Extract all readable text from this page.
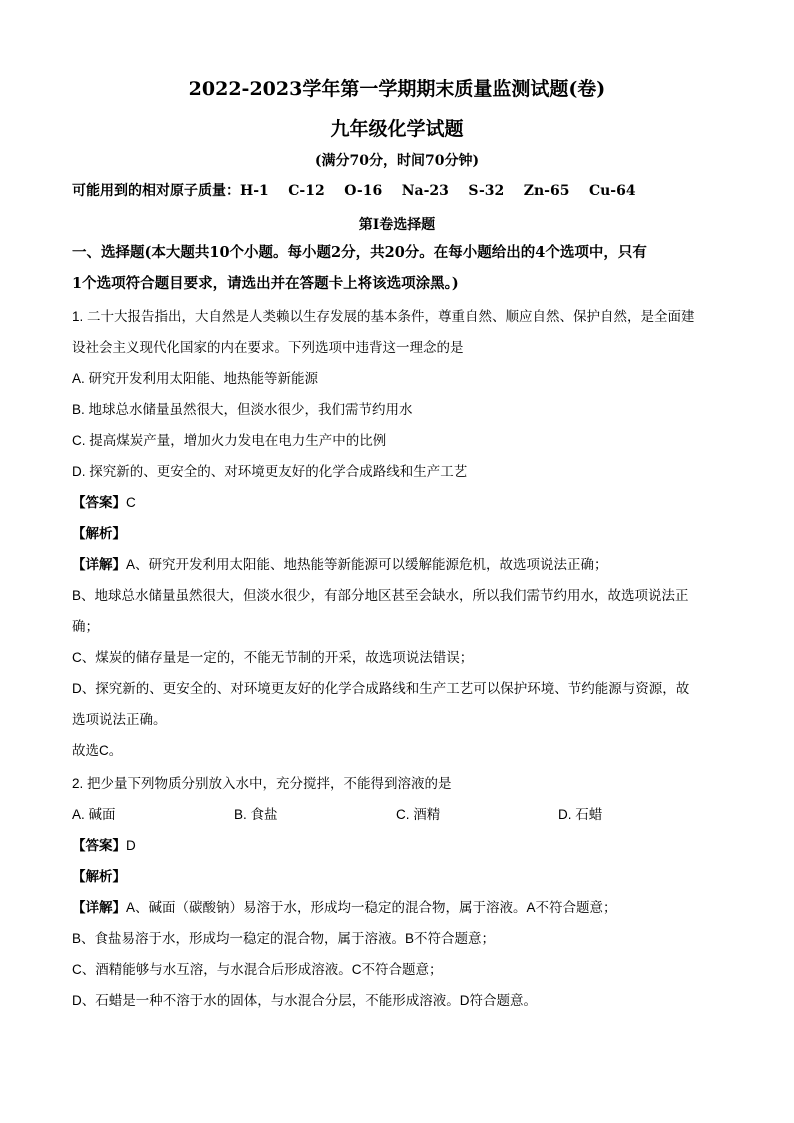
2022-2023学年第一学期期末质量监测试题(卷)
九年级化学试题
(满分70分，时间70分钟)
可能用到的相对原子质量：H-1    C-12    O-16    Na-23    S-32    Zn-65    Cu-64
第Ⅰ卷选择题
一、选择题(本大题共10个小题。每小题2分，共20分。在每小题给出的4个选项中，只有
1个选项符合题目要求，请选出并在答题卡上将该选项涂黑。)
1. 二十大报告指出，大自然是人类赖以生存发展的基本条件，尊重自然、顺应自然、保护自然，是全面建
设社会主义现代化国家的内在要求。下列选项中违背这一理念的是
A. 研究开发利用太阳能、地热能等新能源
B. 地球总水储量虽然很大，但淡水很少，我们需节约用水
C. 提高煤炭产量，增加火力发电在电力生产中的比例
D. 探究新的、更安全的、对环境更友好的化学合成路线和生产工艺
【答案】C
【解析】
【详解】A、研究开发利用太阳能、地热能等新能源可以缓解能源危机，故选项说法正确；
B、地球总水储量虽然很大，但淡水很少，有部分地区甚至会缺水，所以我们需节约用水，故选项说法正
确；
C、煤炭的储存量是一定的，不能无节制的开采，故选项说法错误；
D、探究新的、更安全的、对环境更友好的化学合成路线和生产工艺可以保护环境、节约能源与资源，故
选项说法正确。
故选C。
2. 把少量下列物质分别放入水中，充分搅拌，不能得到溶液的是
A. 碱面	B. 食盐	C. 酒精	D. 石蜡
【答案】D
【解析】
【详解】A、碱面（碳酸钠）易溶于水，形成均一稳定的混合物，属于溶液。A不符合题意；
B、食盐易溶于水，形成均一稳定的混合物，属于溶液。B不符合题意；
C、酒精能够与水互溶，与水混合后形成溶液。C不符合题意；
D、石蜡是一种不溶于水的固体，与水混合分层，不能形成溶液。D符合题意。
